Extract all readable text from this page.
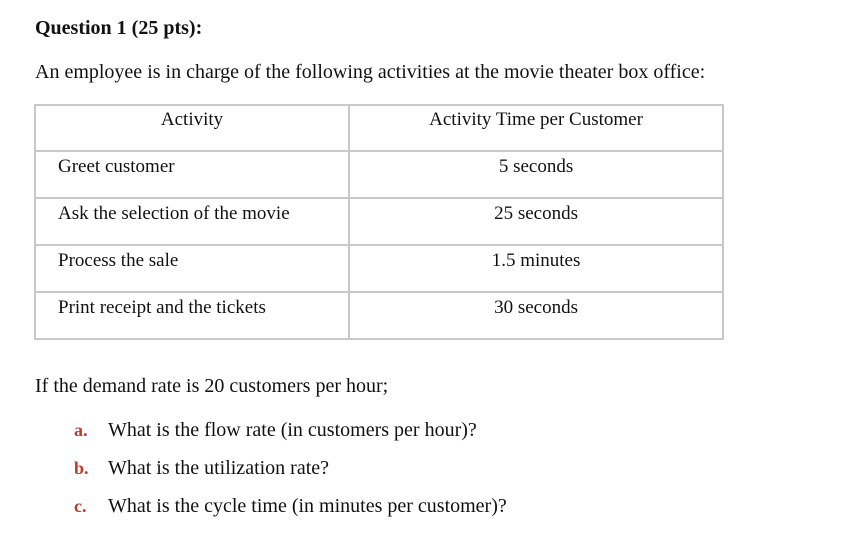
Question 1 (25 pts):
An employee is in charge of the following activities at the movie theater box office:
Activity	Activity Time per Customer
Greet customer	5 seconds
Ask the selection of the movie	25 seconds
Process the sale	1.5 minutes
Print receipt and the tickets	30 seconds
If the demand rate is 20 customers per hour;
a. What is the flow rate (in customers per hour)?
b. What is the utilization rate?
c. What is the cycle time (in minutes per customer)?
